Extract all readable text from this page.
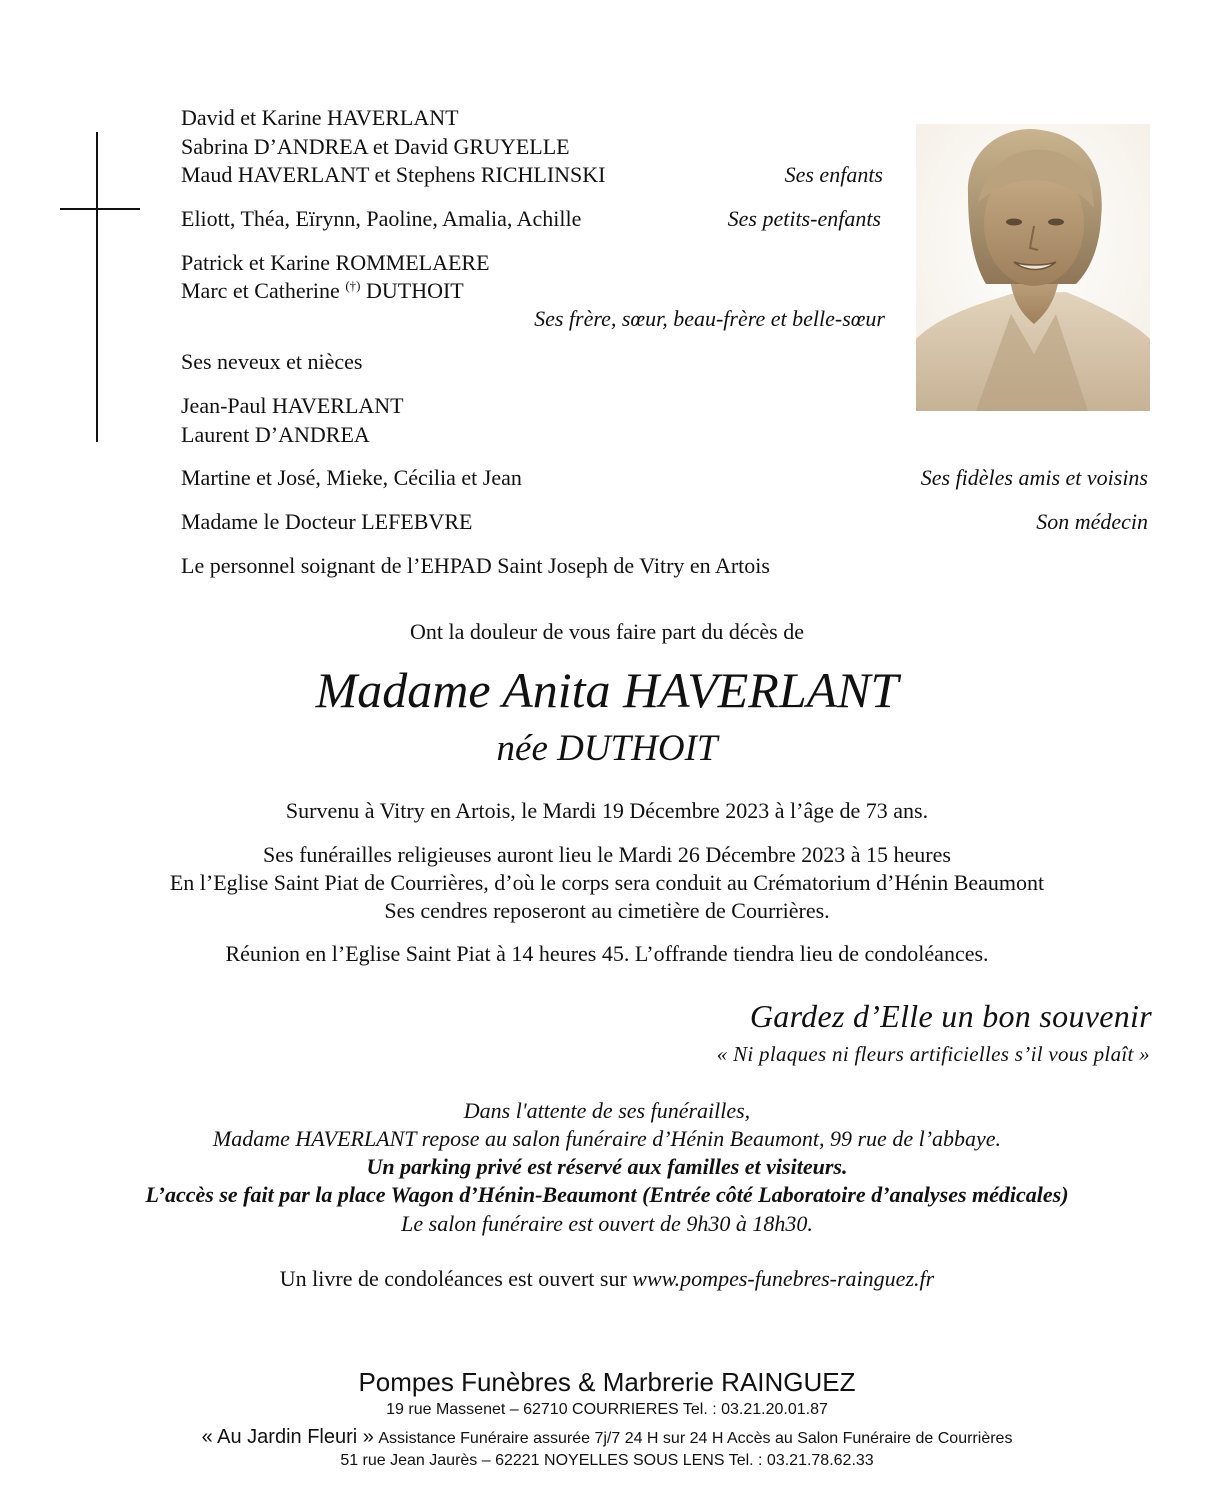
David et Karine HAVERLANT
Sabrina D’ANDREA et David GRUYELLE
Maud HAVERLANT et Stephens RICHLINSKI	Ses enfants
Eliott, Théa, Eïrynn, Paoline, Amalia, Achille	Ses petits-enfants
Patrick et Karine ROMMELAERE
Marc et Catherine (†) DUTHOIT
Ses frère, sœur, beau-frère et belle-sœur
Ses neveux et nièces
Jean-Paul HAVERLANT
Laurent D’ANDREA
Martine et José, Mieke, Cécilia et Jean	Ses fidèles amis et voisins
Madame le Docteur LEFEBVRE	Son médecin
Le personnel soignant de l’EHPAD Saint Joseph de Vitry en Artois
Ont la douleur de vous faire part du décès de
Madame Anita HAVERLANT
née DUTHOIT
Survenu à Vitry en Artois, le Mardi 19 Décembre 2023 à l’âge de 73 ans.
Ses funérailles religieuses auront lieu le Mardi 26 Décembre 2023 à 15 heures
En l’Eglise Saint Piat de Courrières, d’où le corps sera conduit au Crématorium d’Hénin Beaumont
Ses cendres reposeront au cimetière de Courrières.
Réunion en l’Eglise Saint Piat à 14 heures 45. L’offrande tiendra lieu de condoléances.
Gardez d’Elle un bon souvenir
« Ni plaques ni fleurs artificielles s’il vous plaît »
Dans l'attente de ses funérailles,
Madame HAVERLANT repose au salon funéraire d’Hénin Beaumont, 99 rue de l’abbaye.
Un parking privé est réservé aux familles et visiteurs.
L’accès se fait par la place Wagon d’Hénin-Beaumont (Entrée côté Laboratoire d’analyses médicales)
Le salon funéraire est ouvert de 9h30 à 18h30.
Un livre de condoléances est ouvert sur www.pompes-funebres-rainguez.fr
Pompes Funèbres & Marbrerie RAINGUEZ
19 rue Massenet – 62710 COURRIERES Tel. : 03.21.20.01.87
« Au Jardin Fleuri » Assistance Funéraire assurée 7j/7 24 H sur 24 H Accès au Salon Funéraire de Courrières
51 rue Jean Jaurès – 62221 NOYELLES SOUS LENS Tel. : 03.21.78.62.33
